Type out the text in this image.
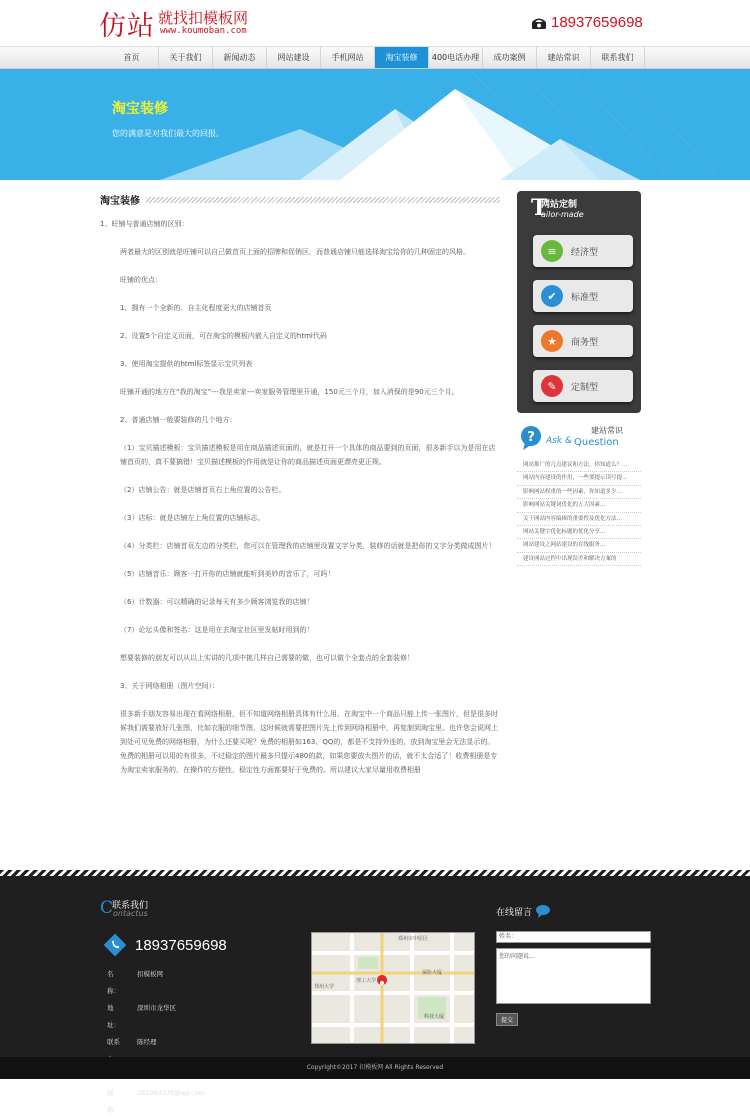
仿站 就找扣模板网
www.koumoban.com	18937659698
首页	关于我们	新闻动态	网站建设	手机网站	淘宝装修	400电话办理	成功案例	建站常识	联系我们
淘宝装修
您的满意是对我们最大的回报。
淘宝装修

1、旺铺与普通店铺的区别：

两者最大的区别就是旺铺可以自己做首页上面的招牌和促销区，而普通店铺只能选择淘宝给你的几种固定的风格。

旺铺的优点：

1、拥有一个全新的、自主化程度更大的店铺首页

2、设置5个自定义页面，可在淘宝的模板内嵌入自定义的html代码

3、使用淘宝提供的html标签显示宝贝列表

旺铺开通的地方在“我的淘宝”---我是卖家---卖家服务管理里开通，150元三个月，加入消保的是90元三个月。

2、普通店铺一般要装修的几个地方：

（1）宝贝描述模板：宝贝描述模板是用在商品描述页面的，就是打开一个具体的商品要到的页面，很多新手以为是用在店铺首页的，真不要搞错！宝贝描述模板的作用就是让你的商品描述页面更漂亮更正规。

（2）店铺公告：就是店铺首页右上角位置的公告栏。

（3）店标：就是店铺左上角位置的店铺标志。

（4）分类栏：店铺首页左边的分类栏，您可以在管理我的店铺里设置文字分类，装修的话就是把你的文字分类做成图片！

（5）店铺音乐：顾客一打开你的店铺就能听到美妙的音乐了，可吗！

（6）计数器：可以精确的记录每天有多少顾客浏览我的店铺！

（7）论坛头像和签名：这是用在去淘宝社区里发帖时用到的！

想要装修的朋友可以从以上实讲的几项中挑几样自己需要的做，也可以做个全套点的全套装修！

3、关于网络相册（图片空间）：

很多新手朋友容易出现在看网络相册，但不知道网络相册具体有什么用，在淘宝中一个商品只能上传一张图片，但是很多时候我们需要放好几张图，比如衣服的细节图，这时候就需要把图片先上传到网络相册中，再复制到淘宝里。也许您会说网上到处可见免费的网络相册，为什么还要买呢？免费的相册如163、QQ的，都是不支持外连的，放到淘宝里会无法显示的。免费的相册可以用的有很多，不过稳定的图片最多只提示480的款，如果您要放大图片的话，就不太合适了！收费相册是专为淘宝卖家服务的，在操作的方便性，稳定性方面都要好于免费的。所以建议大家尽量用收费相册

T
网站定制
ailor-made
≡	经济型
✔	标准型
★	商务型
✎	定制型
? Ask & Question
建站常识
网站推广的几点建议和方法，你知道么？...
网站内容建设的作用，一些要提示读写提...
影响网站权重的一些因素，你知道多少...
影响网站关键词优化的五大因素...
关于网站内容编辑的重要性及优化方法...
网站关键字优化标题的优化分享...
网站建设之网站建设的在线服务...
建设网站过程中出现误差和解决方案的
C
联系我们
ontactus
18937659698
名　称：
扣模板网
地　址：
深圳市龙华区
联系	陈经理
邮　箱：
281393370@qq.com
郑州市中原区
郑州大学
理工大学
科技大厦
保险大厦
在线留言
姓名：
您的问题说...
提交
Copyright©2017 扣模板网 All Rights Reserved
